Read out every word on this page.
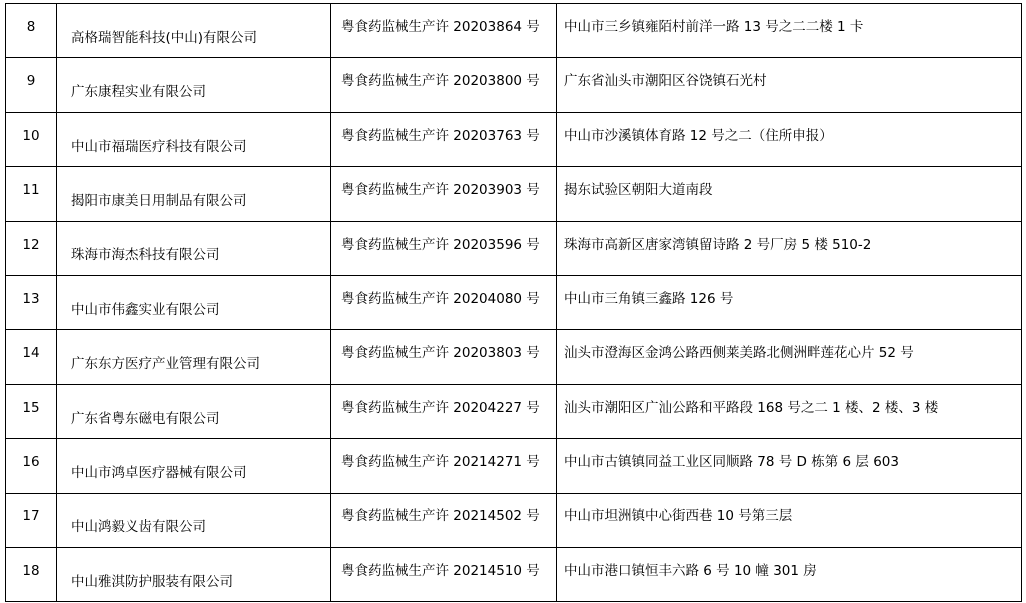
8	高格瑞智能科技(中山)有限公司	粤食药监械生产许 20203864 号	中山市三乡镇雍陌村前洋一路 13 号之二二楼 1 卡
9	广东康程实业有限公司	粤食药监械生产许 20203800 号	广东省汕头市潮阳区谷饶镇石光村
10	中山市福瑞医疗科技有限公司	粤食药监械生产许 20203763 号	中山市沙溪镇体育路 12 号之二（住所申报）
11	揭阳市康美日用制品有限公司	粤食药监械生产许 20203903 号	揭东试验区朝阳大道南段
12	珠海市海杰科技有限公司	粤食药监械生产许 20203596 号	珠海市高新区唐家湾镇留诗路 2 号厂房 5 楼 510-2
13	中山市伟鑫实业有限公司	粤食药监械生产许 20204080 号	中山市三角镇三鑫路 126 号
14	广东东方医疗产业管理有限公司	粤食药监械生产许 20203803 号	汕头市澄海区金鸿公路西侧莱美路北侧洲畔莲花心片 52 号
15	广东省粤东磁电有限公司	粤食药监械生产许 20204227 号	汕头市潮阳区广汕公路和平路段 168 号之二 1 楼、2 楼、3 楼
16	中山市鸿卓医疗器械有限公司	粤食药监械生产许 20214271 号	中山市古镇镇同益工业区同顺路 78 号 D 栋第 6 层 603
17	中山鸿毅义齿有限公司	粤食药监械生产许 20214502 号	中山市坦洲镇中心街西巷 10 号第三层
18	中山雅淇防护服装有限公司	粤食药监械生产许 20214510 号	中山市港口镇恒丰六路 6 号 10 幢 301 房
